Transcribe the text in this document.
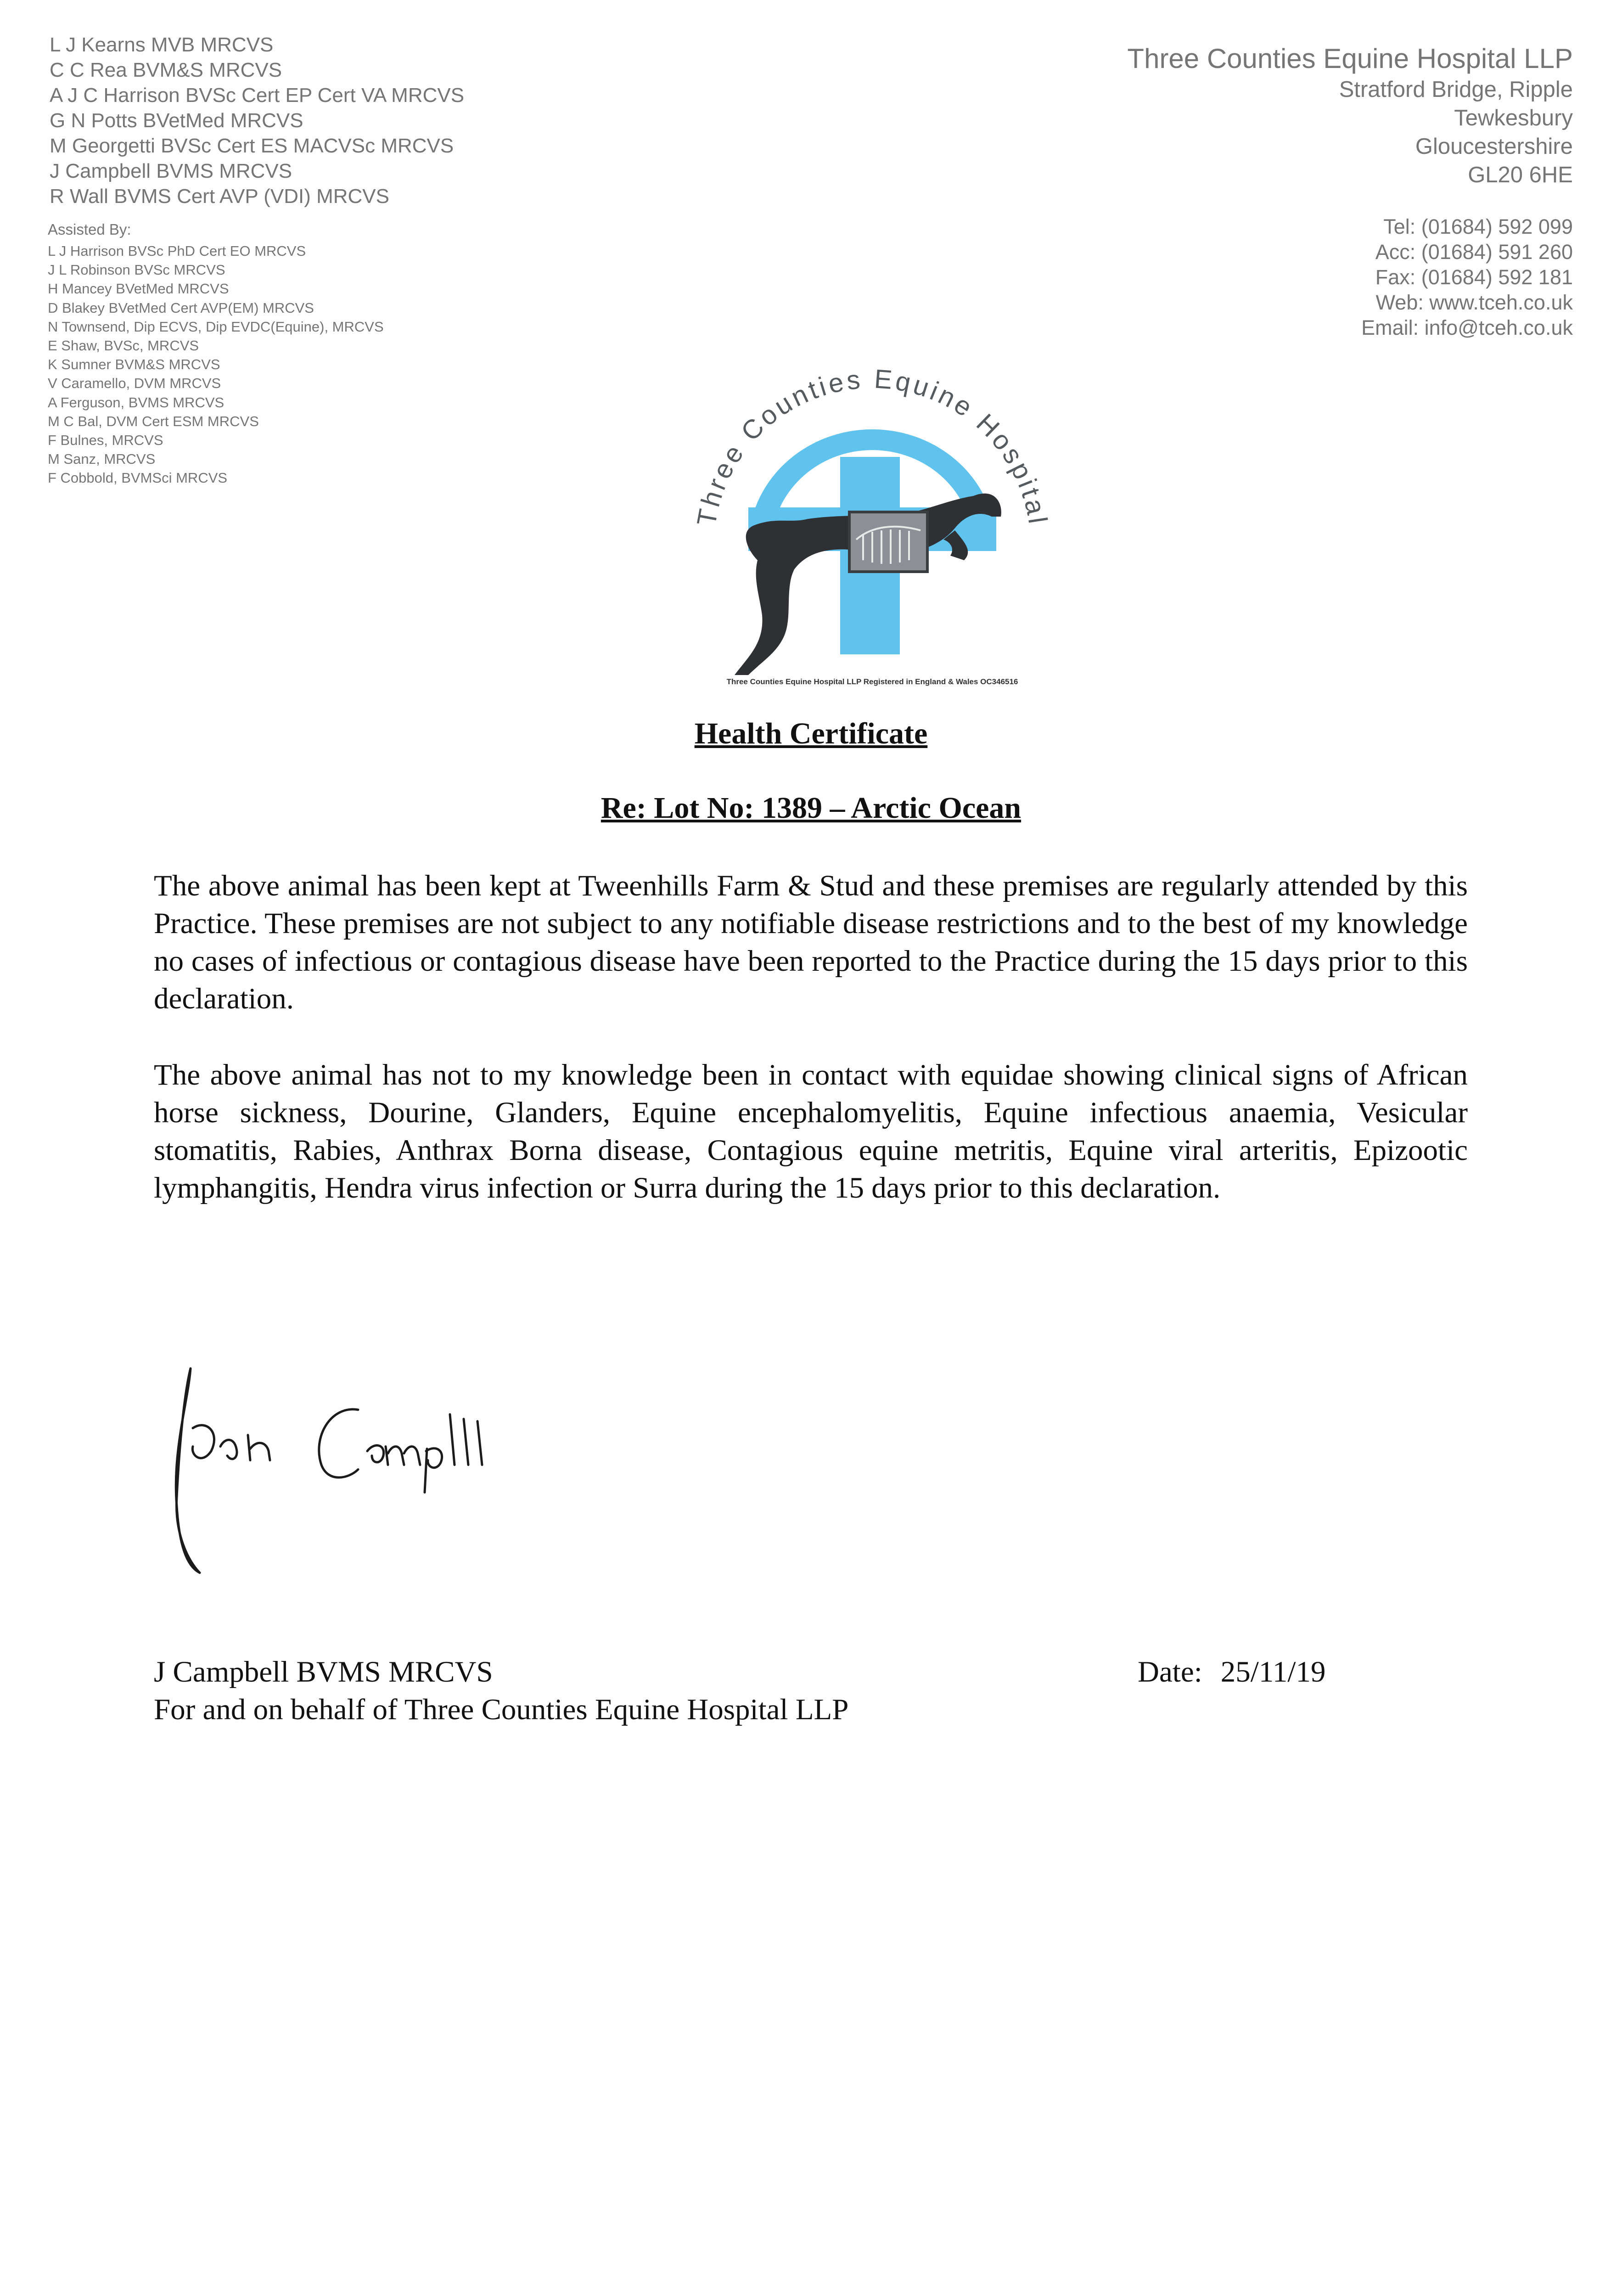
L J Kearns MVB MRCVS
C C Rea BVM&S MRCVS
A J C Harrison BVSc Cert EP Cert VA MRCVS
G N Potts BVetMed MRCVS
M Georgetti BVSc Cert ES MACVSc MRCVS
J Campbell BVMS MRCVS
R Wall BVMS Cert AVP (VDI) MRCVS
Assisted By:
L J Harrison BVSc PhD Cert EO MRCVS
J L Robinson BVSc MRCVS
H Mancey BVetMed MRCVS
D Blakey BVetMed Cert AVP(EM) MRCVS
N Townsend, Dip ECVS, Dip EVDC(Equine), MRCVS
E Shaw, BVSc, MRCVS
K Sumner BVM&S MRCVS
V Caramello, DVM MRCVS
A Ferguson, BVMS MRCVS
M C Bal, DVM Cert ESM MRCVS
F Bulnes, MRCVS
M Sanz, MRCVS
F Cobbold, BVMSci MRCVS
Three Counties Equine Hospital LLP
Stratford Bridge, Ripple
Tewkesbury
Gloucestershire
GL20 6HE
Tel: (01684) 592 099
Acc: (01684) 591 260
Fax: (01684) 592 181
Web: www.tceh.co.uk
Email: info@tceh.co.uk
Three Counties Equine Hospital
Three Counties Equine Hospital LLP Registered in England & Wales OC346516
Health Certificate
Re: Lot No: 1389 – Arctic Ocean
The above animal has been kept at Tweenhills Farm & Stud and these premises are regularly attended by this Practice. These premises are not subject to any notifiable disease restrictions and to the best of my knowledge no cases of infectious or contagious disease have been reported to the Practice during the 15 days prior to this declaration.
The above animal has not to my knowledge been in contact with equidae showing clinical signs of African horse sickness, Dourine, Glanders, Equine encephalomyelitis, Equine infectious anaemia, Vesicular stomatitis, Rabies, Anthrax Borna disease, Contagious equine metritis, Equine viral arteritis, Epizootic lymphangitis, Hendra virus infection or Surra during the 15 days prior to this declaration.
J Campbell BVMS MRCVS
For and on behalf of Three Counties Equine Hospital LLP
Date: 25/11/19
